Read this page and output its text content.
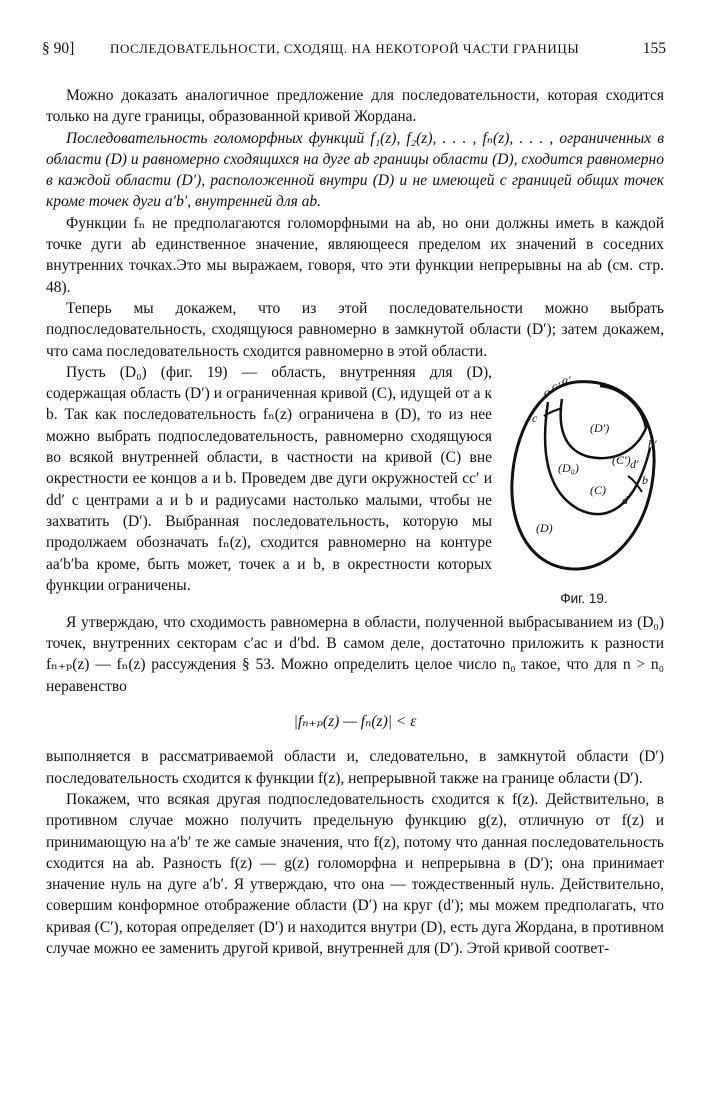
§ 90]	ПОСЛЕДОВАТЕЛЬНОСТИ, СХОДЯЩ. НА НЕКОТОРОЙ ЧАСТИ ГРАНИЦЫ	155

Можно доказать аналогичное предложение для последовательности, которая сходится только на дуге границы, образованной кривой Жордана.

Последовательность голоморфных функций f₁(z), f₂(z), . . . , fₙ(z), . . . , ограниченных в области (D) и равномерно сходящихся на дуге ab границы области (D), сходится равномерно в каждой области (D′), расположенной внутри (D) и не имеющей с границей общих точек кроме точек дуги a′b′, внутренней для ab.

Функции fₙ не предполагаются голоморфными на ab, но они должны иметь в каждой точке дуги ab единственное значение, являющееся пределом их значений в соседних внутренних точках.Это мы выражаем, говоря, что эти функции непрерывны на ab (см. стр. 48).

Теперь мы докажем, что из этой последовательности можно выбрать подпоследовательность, сходящуюся равномерно в замкнутой области (D′); затем докажем, что сама последовательность сходится равномерно в этой области.

(D′)
(D₀)
(D)
(C)
(C′)
a
a′
b
b′
c
c′
d
d′
Фиг. 19.

Пусть (D₀) (фиг. 19) — область, внутренняя для (D), содержащая область (D′) и ограниченная кривой (C), идущей от a к b. Так как последовательность fₙ(z) ограничена в (D), то из нее можно выбрать подпоследовательность, равномерно сходящуюся во всякой внутренней области, в частности на кривой (C) вне окрестности ее концов a и b. Проведем две дуги окружностей cc′ и dd′ с центрами a и b и радиусами настолько малыми, чтобы не захватить (D′). Выбранная последовательность, которую мы продолжаем обозначать fₙ(z), сходится равномерно на контуре aa′b′ba кроме, быть может, точек a и b, в окрестности которых функции ограничены.

Я утверждаю, что сходимость равномерна в области, полученной выбрасыванием из (D₀) точек, внутренних секторам c′ac и d′bd. В самом деле, достаточно приложить к разности fₙ₊ₚ(z) — fₙ(z) рассуждения § 53. Можно определить целое число n₀ такое, что для n > n₀ неравенство

|fₙ₊ₚ(z) — fₙ(z)| < ε

выполняется в рассматриваемой области и, следовательно, в замкнутой области (D′) последовательность сходится к функции f(z), непрерывной также на границе области (D′).

Покажем, что всякая другая подпоследовательность сходится к f(z). Действительно, в противном случае можно получить предельную функцию g(z), отличную от f(z) и принимающую на a′b′ те же самые значения, что f(z), потому что данная последовательность сходится на ab. Разность f(z) — g(z) голоморфна и непрерывна в (D′); она принимает значение нуль на дуге a′b′. Я утверждаю, что она — тождественный нуль. Действительно, совершим конформное отображение области (D′) на круг (d′); мы можем предполагать, что кривая (C′), которая определяет (D′) и находится внутри (D), есть дуга Жордана, в противном случае можно ее заменить другой кривой, внутренней для (D′). Этой кривой соответ-
